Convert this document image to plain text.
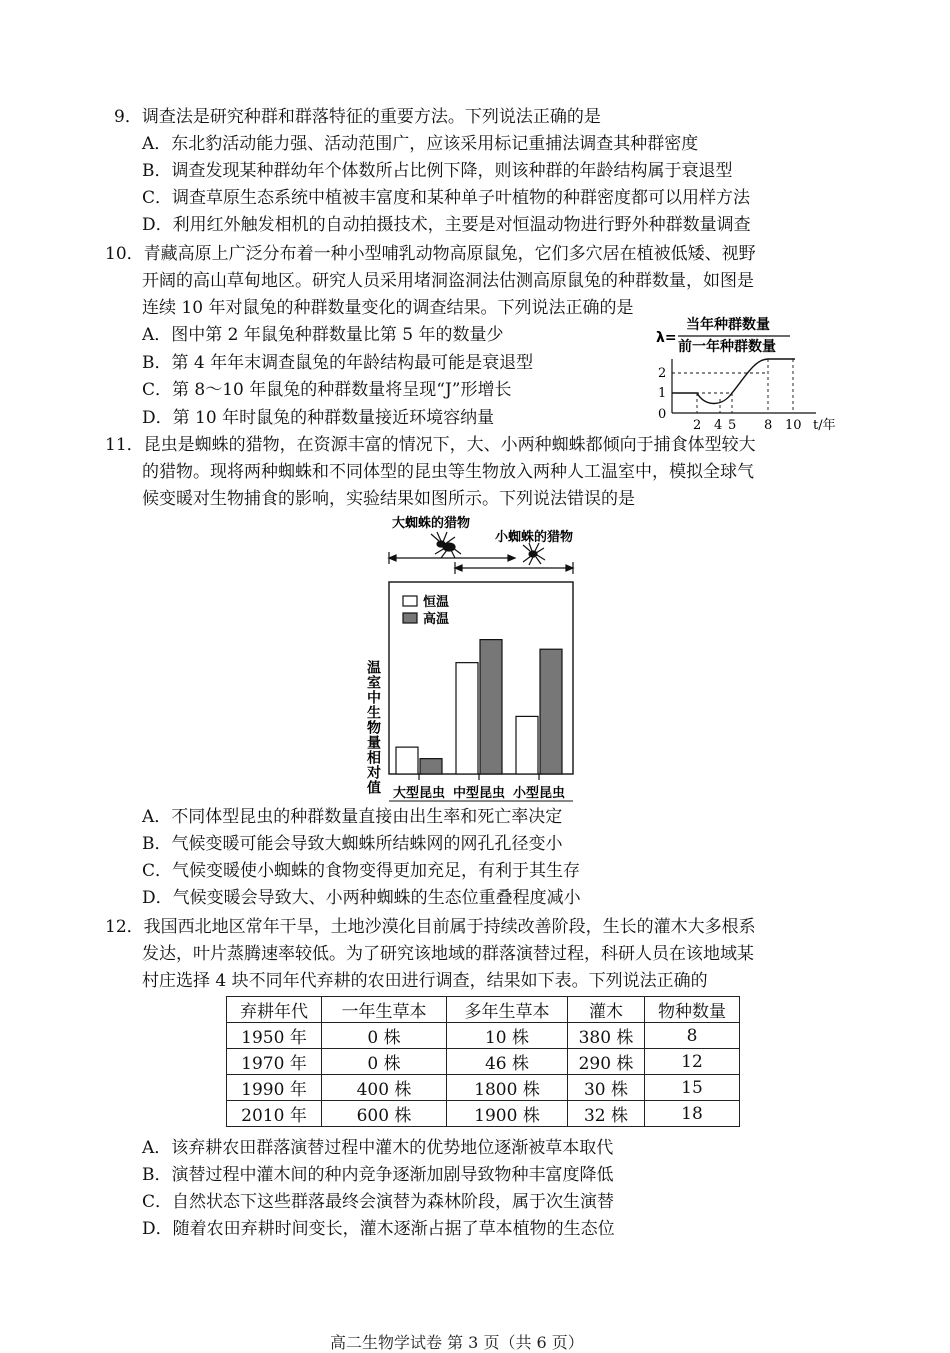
9．调查法是研究种群和群落特征的重要方法。下列说法正确的是
A．东北豹活动能力强、活动范围广，应该采用标记重捕法调查其种群密度
B．调查发现某种群幼年个体数所占比例下降，则该种群的年龄结构属于衰退型
C．调查草原生态系统中植被丰富度和某种单子叶植物的种群密度都可以用样方法
D．利用红外触发相机的自动拍摄技术，主要是对恒温动物进行野外种群数量调查
10．青藏高原上广泛分布着一种小型哺乳动物高原鼠兔，它们多穴居在植被低矮、视野
开阔的高山草甸地区。研究人员采用堵洞盗洞法估测高原鼠兔的种群数量，如图是
连续 10 年对鼠兔的种群数量变化的调查结果。下列说法正确的是
A．图中第 2 年鼠兔种群数量比第 5 年的数量少
B．第 4 年年末调查鼠兔的年龄结构最可能是衰退型
C．第 8～10 年鼠兔的种群数量将呈现“J”形增长
D．第 10 年时鼠兔的种群数量接近环境容纳量
λ=
当年种群数量
前一年种群数量
2
1
0
2 4 5 8 10 t/年
11．昆虫是蜘蛛的猎物，在资源丰富的情况下，大、小两种蜘蛛都倾向于捕食体型较大
的猎物。现将两种蜘蛛和不同体型的昆虫等生物放入两种人工温室中，模拟全球气
候变暖对生物捕食的影响，实验结果如图所示。下列说法错误的是
大蜘蛛的猎物
小蜘蛛的猎物
温室中生物量相对值
恒温
高温
大型昆虫 中型昆虫 小型昆虫
A．不同体型昆虫的种群数量直接由出生率和死亡率决定
B．气候变暖可能会导致大蜘蛛所结蛛网的网孔孔径变小
C．气候变暖使小蜘蛛的食物变得更加充足，有利于其生存
D．气候变暖会导致大、小两种蜘蛛的生态位重叠程度减小
12．我国西北地区常年干旱，土地沙漠化目前属于持续改善阶段，生长的灌木大多根系
发达，叶片蒸腾速率较低。为了研究该地域的群落演替过程，科研人员在该地域某
村庄选择 4 块不同年代弃耕的农田进行调查，结果如下表。下列说法正确的
弃耕年代	一年生草本	多年生草本	灌木	物种数量
1950 年	0 株	10 株	380 株	8
1970 年	0 株	46 株	290 株	12
1990 年	400 株	1800 株	30 株	15
2010 年	600 株	1900 株	32 株	18
A．该弃耕农田群落演替过程中灌木的优势地位逐渐被草本取代
B．演替过程中灌木间的种内竞争逐渐加剧导致物种丰富度降低
C．自然状态下这些群落最终会演替为森林阶段，属于次生演替
D．随着农田弃耕时间变长，灌木逐渐占据了草本植物的生态位
高二生物学试卷 第 3 页（共 6 页）
